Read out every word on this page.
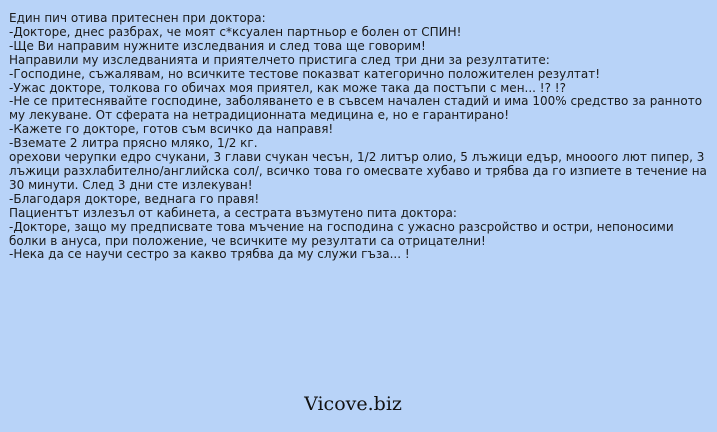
Един пич отива притеснен при доктора:
-Докторе, днес разбрах, че моят с*ксуален партньор е болен от СПИН!
-Ще Ви направим нужните изследвания и след това ще говорим!
Направили му изследванията и приятелчето пристига след три дни за резултатите:
-Господине, съжалявам, но всичките тестове показват категорично положителен резултат!
-Ужас докторе, толкова го обичах моя приятел, как може така да постъпи с мен... !? !?
-Не се притеснявайте господине, заболяването е в съвсем начален стадий и има 100% средство за ранното му лекуване. От сферата на нетрадиционната медицина е, но е гарантирано!
-Кажете го докторе, готов съм всичко да направя!
-Вземате 2 литра прясно мляко, 1/2 кг.
орехови черупки едро счукани, 3 глави счукан чесън, 1/2 литър олио, 5 лъжици едър, мнооого лют пипер, 3 лъжици разхлабително/английска сол/, всичко това го омесвате хубаво и трябва да го изпиете в течение на 30 минути. След 3 дни сте излекуван!
-Благодаря докторе, веднага го правя!
Пациентът излезъл от кабинета, а сестрата възмутено пита доктора:
-Докторе, защо му предписвате това мъчение на господина с ужасно разсройство и остри, непоносими болки в ануса, при положение, че всичките му резултати са отрицателни!
-Нека да се научи сестро за какво трябва да му служи гъза... !
Vicove.biz
